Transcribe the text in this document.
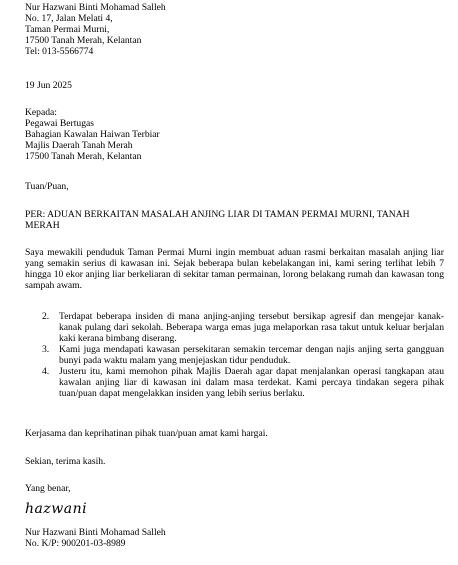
Nur Hazwani Binti Mohamad Salleh
No. 17, Jalan Melati 4,
Taman Permai Murni,
17500 Tanah Merah, Kelantan
Tel: 013-5566774
19 Jun 2025
Kepada:
Pegawai Bertugas
Bahagian Kawalan Haiwan Terbiar
Majlis Daerah Tanah Merah
17500 Tanah Merah, Kelantan
Tuan/Puan,

PER: ADUAN BERKAITAN MASALAH ANJING LIAR DI TAMAN PERMAI MURNI, TANAH MERAH

Saya mewakili penduduk Taman Permai Murni ingin membuat aduan rasmi berkaitan masalah anjing liar yang semakin serius di kawasan ini. Sejak beberapa bulan kebelakangan ini, kami sering terlihat lebih 7 hingga 10 ekor anjing liar berkeliaran di sekitar taman permainan, lorong belakang rumah dan kawasan tong sampah awam.

2. Terdapat beberapa insiden di mana anjing-anjing tersebut bersikap agresif dan mengejar kanak-kanak pulang dari sekolah. Beberapa warga emas juga melaporkan rasa takut untuk keluar berjalan kaki kerana bimbang diserang.
3. Kami juga mendapati kawasan persekitaran semakin tercemar dengan najis anjing serta gangguan bunyi pada waktu malam yang menjejaskan tidur penduduk.
4. Justeru itu, kami memohon pihak Majlis Daerah agar dapat menjalankan operasi tangkapan atau kawalan anjing liar di kawasan ini dalam masa terdekat. Kami percaya tindakan segera pihak tuan/puan dapat mengelakkan insiden yang lebih serius berlaku.
Kerjasama dan keprihatinan pihak tuan/puan amat kami hargai.
Sekian, terima kasih.
Yang benar,
hazwani
Nur Hazwani Binti Mohamad Salleh
No. K/P: 900201-03-8989
